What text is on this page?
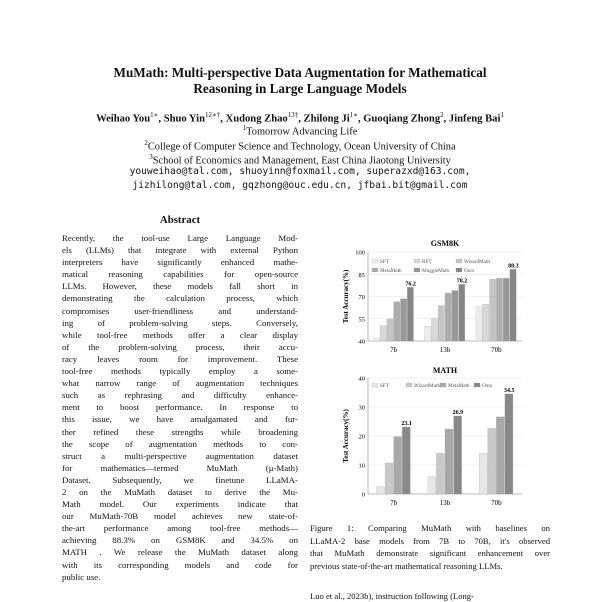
MuMath: Multi-perspective Data Augmentation for Mathematical
Reasoning in Large Language Models
Weihao You$^{1∗}$, Shuo Yin$^{12∗\dagger}$, Xudong Zhao$^{13\dagger}$, Zhilong $Ji^{1∗}$, Guoqiang Zhong$^2$, Jinfeng Bai$^1$
$^1$Tomorrow Advancing Life
$^2$College of Computer Science and Technology, Ocean University of China
$^3$School of Economics and Management, East China Jiaotong University
youweihao@tal.com, shuoyinn@foxmail.com, superazxd@163.com,
jizhilong@tal.com, gqzhong@ouc.edu.cn, jfbai.bit@gmail.com
Abstract
Recently, the tool-use Large Language Mod-
els (LLMs) that integrate with external Python
interpreters have significantly enhanced mathe-
matical reasoning capabilities for open-source
LLMs. However, these models fall short in
demonstrating the calculation process, which
compromises user-friendliness and understand-
ing of problem-solving steps. Conversely,
while tool-free methods offer a clear display
of the problem-solving process, their accu-
racy leaves room for improvement. These
tool-free methods typically employ a some-
what narrow range of augmentation techniques
such as rephrasing and difficulty enhance-
ment to boost performance. In response to
this issue, we have amalgamated and fur-
ther refined these strengths while broadening
the scope of augmentation methods to con-
struct a multi-perspective augmentation dataset
for mathematics—termed MuMath (μ-Math)
Dataset. Subsequently, we finetune LLaMA-
2 on the MuMath dataset to derive the Mu-
Math model. Our experiments indicate that
our MuMath-70B model achieves new state-of-
the-art performance among tool-free methods—
achieving 88.3% on GSM8K and 34.5% on
MATH . We release the MuMath dataset along
with its corresponding models and code for
public use.
GSM8K
40
55
70
85
100
Test Accuracy(%)	76.2
7b
78.2
13b
88.3
70b
SFT	RFT	WizardMath
MetaMath	MuggleMath	Ours
MATH
0
10
20
30
40
Test Accuracy(%)	23.1
7b
26.9
13b
34.5
70b
SFT	WizardMath MetaMath Ours
Figure 1: Comparing MuMath with baselines on
LLaMA-2 base models from 7B to 70B, it's observed
that MuMath demonstrate significant enhancement over
previous state-of-the-art mathematical reasoning LLMs.
Luo et al., 2023b), instruction following (Long-
